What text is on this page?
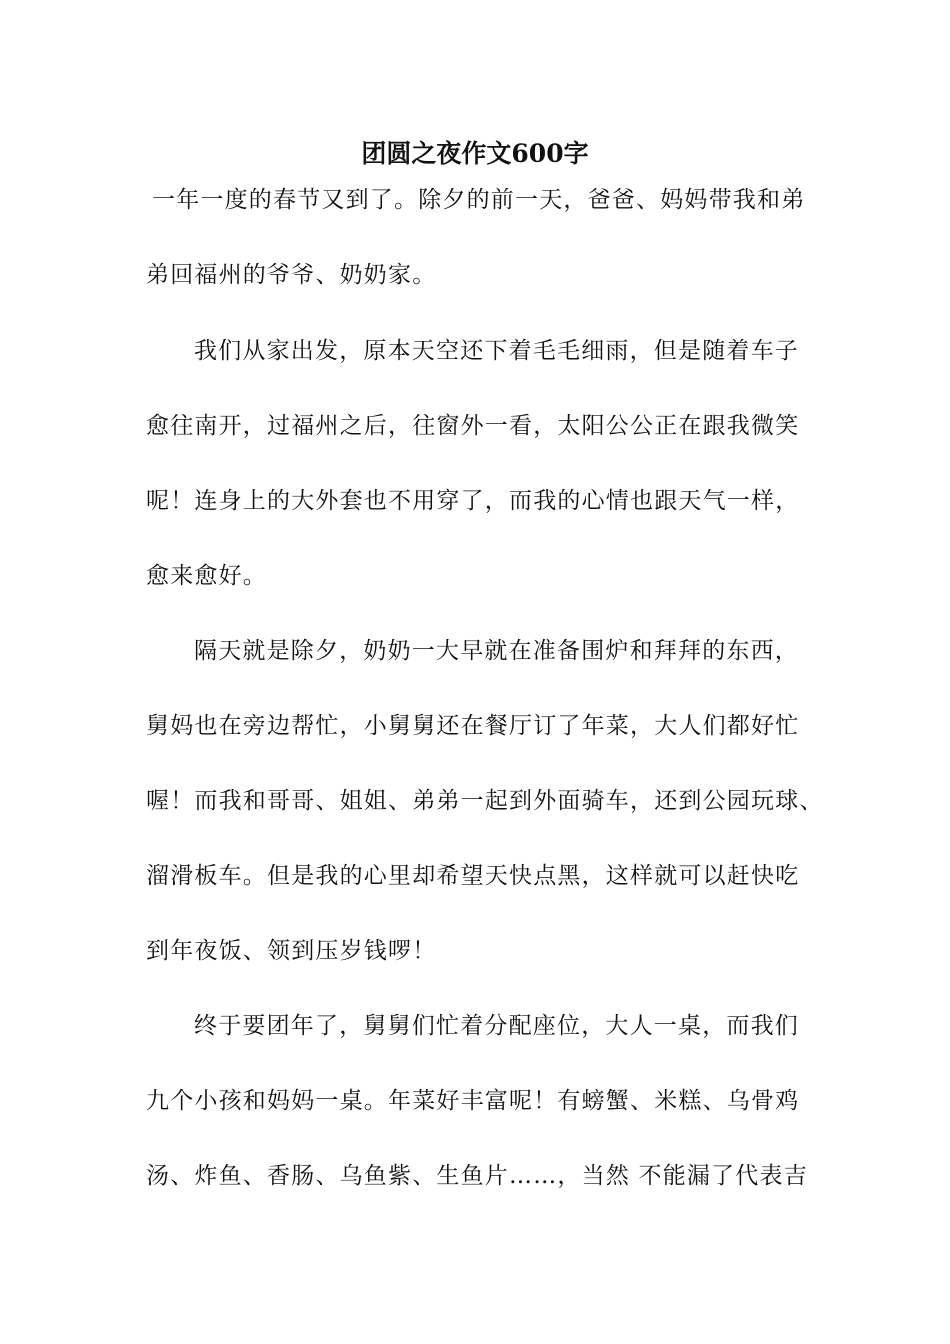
团圆之夜作文600字
一年一度的春节又到了。除夕的前一天，爸爸、妈妈带我和弟
弟回福州的爷爷、奶奶家。
我们从家出发，原本天空还下着毛毛细雨，但是随着车子
愈往南开，过福州之后，往窗外一看，太阳公公正在跟我微笑
呢！连身上的大外套也不用穿了，而我的心情也跟天气一样，
愈来愈好。
隔天就是除夕，奶奶一大早就在准备围炉和拜拜的东西，
舅妈也在旁边帮忙，小舅舅还在餐厅订了年菜，大人们都好忙
喔！而我和哥哥、姐姐、弟弟一起到外面骑车，还到公园玩球、
溜滑板车。但是我的心里却希望天快点黑，这样就可以赶快吃
到年夜饭、领到压岁钱啰！
终于要团年了，舅舅们忙着分配座位，大人一桌，而我们
九个小孩和妈妈一桌。年菜好丰富呢！有螃蟹、米糕、乌骨鸡
汤、炸鱼、香肠、乌鱼紫、生鱼片……，当然 不能漏了代表吉
